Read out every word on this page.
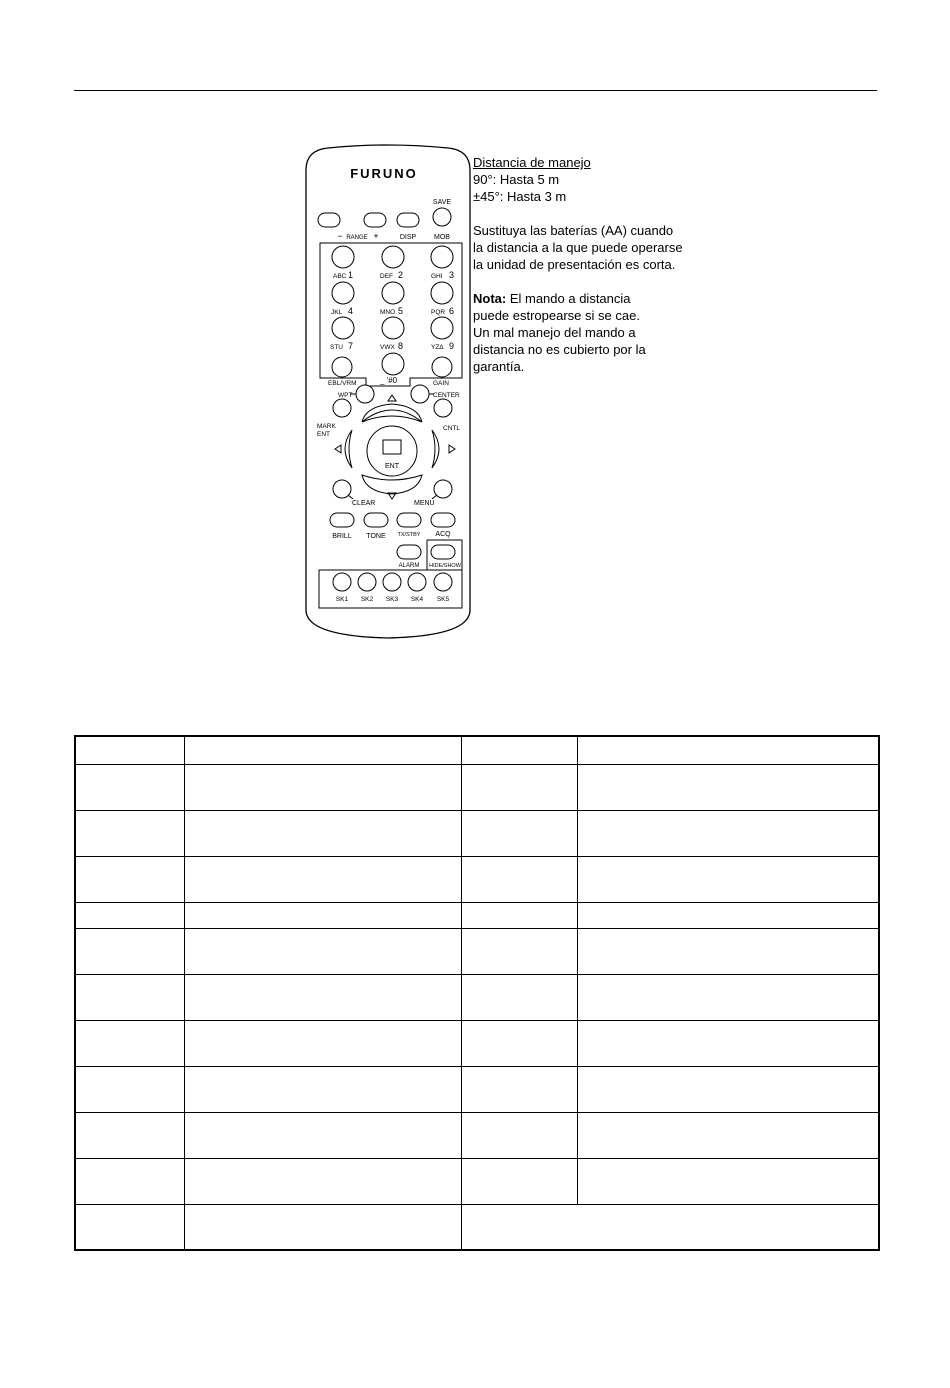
FURUNO
SAVE
− RANGE +	DISP	MOB
ABC 1	DEF 2	GHI 3
JKL 4	MNO 5	PQR 6
STU 7	VWX 8	YZΔ 9
_ '#0
EBL/VRM	GAIN
WPT	CENTER
MARK
ENT
CNTL
ENT
CLEAR	MENU
BRILL TONE TX/STBY ACQ
ALARM HIDE/SHOW
SK1 SK2 SK3 SK4 SK5

Distancia de manejo

90°: Hasta 5 m

±45°: Hasta 3 m

Sustituya las baterías (AA) cuando

la distancia a la que puede operarse

la unidad de presentación es corta.

Nota: El mando a distancia

puede estropearse si se cae.

Un mal manejo del mando a

distancia no es cubierto por la

garantía.
